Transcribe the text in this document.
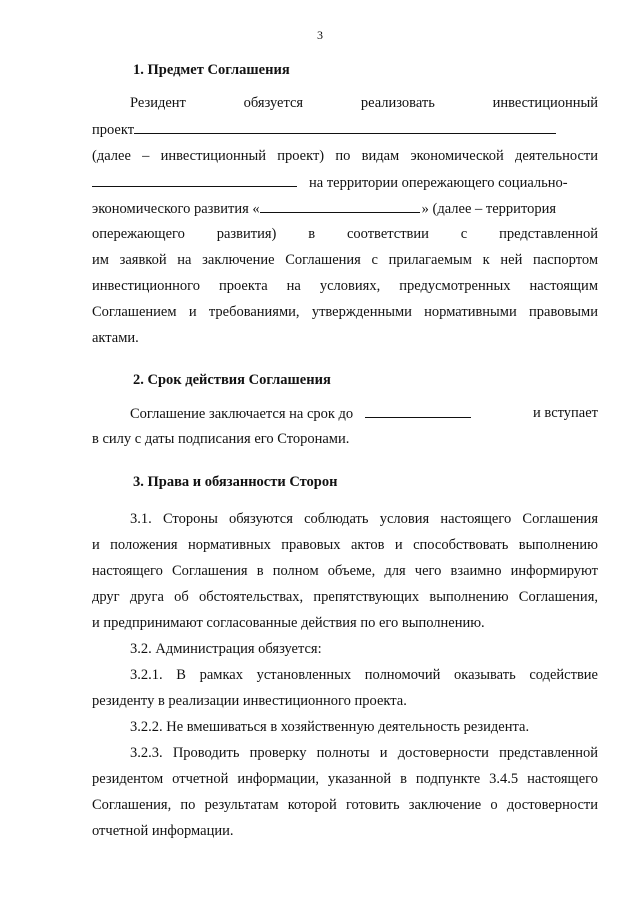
3
1. Предмет Соглашения
Резидент обязуется реализовать инвестиционный
проект
(далее – инвестиционный проект) по видам экономической деятельности
на территории опережающего социально-
экономического развития «	» (далее – территория
опережающего развития) в соответствии с представленной
им заявкой на заключение Соглашения с прилагаемым к ней паспортом
инвестиционного проекта на условиях, предусмотренных настоящим
Соглашением и требованиями, утвержденными нормативными правовыми
актами.
2. Срок действия Соглашения
Соглашение заключается на срок до	и вступает
в силу с даты подписания его Сторонами.
3. Права и обязанности Сторон
3.1. Стороны обязуются соблюдать условия настоящего Соглашения
и положения нормативных правовых актов и способствовать выполнению
настоящего Соглашения в полном объеме, для чего взаимно информируют
друг друга об обстоятельствах, препятствующих выполнению Соглашения,
и предпринимают согласованные действия по его выполнению.
3.2. Администрация обязуется:
3.2.1. В рамках установленных полномочий оказывать содействие
резиденту в реализации инвестиционного проекта.
3.2.2. Не вмешиваться в хозяйственную деятельность резидента.
3.2.3. Проводить проверку полноты и достоверности представленной
резидентом отчетной информации, указанной в подпункте 3.4.5 настоящего
Соглашения, по результатам которой готовить заключение о достоверности
отчетной информации.
